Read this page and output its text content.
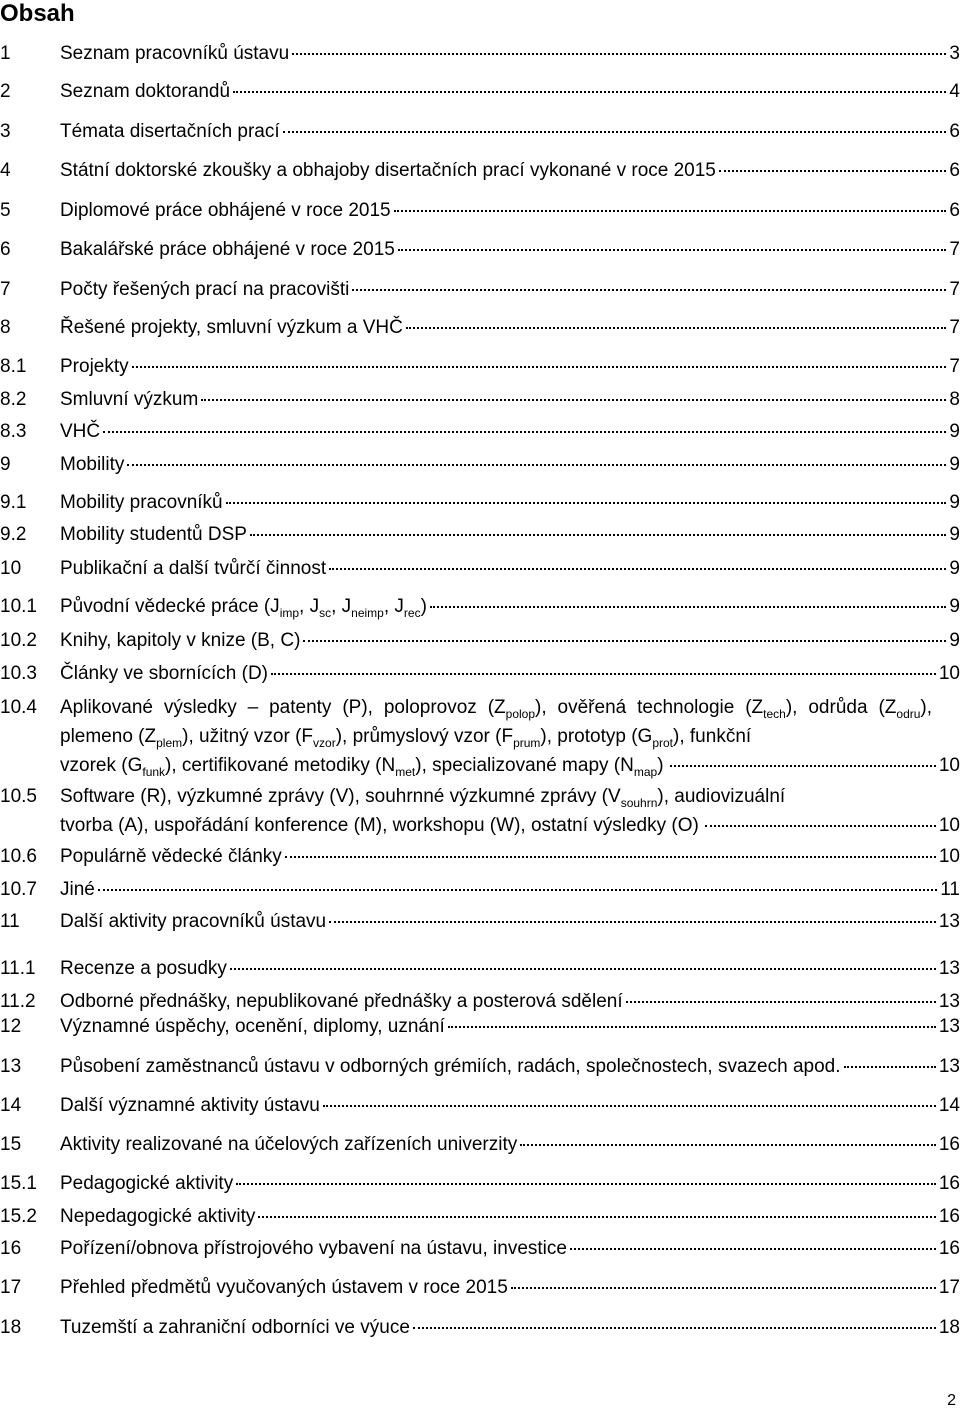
Obsah
1	Seznam pracovníků ústavu	3
2	Seznam doktorandů	4
3	Témata disertačních prací	6
4	Státní doktorské zkoušky a obhajoby disertačních prací vykonané v roce 2015	6
5	Diplomové práce obhájené v roce 2015	6
6	Bakalářské práce obhájené v roce 2015	7
7	Počty řešených prací na pracovišti	7
8	Řešené projekty, smluvní výzkum a VHČ	7
8.1	Projekty	7
8.2	Smluvní výzkum	8
8.3	VHČ	9
9	Mobility	9
9.1	Mobility pracovníků	9
9.2	Mobility studentů DSP	9
10	Publikační a další tvůrčí činnost	9
10.1	Původní vědecké práce ($J_{imp}$, $J_{sc}$, $J_{neimp}$, $J_{rec}$)	9
10.2	Knihy, kapitoly v knize (B, C)	9
10.3	Články ve sbornících (D)	10
10.4	Aplikované výsledky – patenty (P), poloprovoz $(Z_{polop})$, ověřená technologie $(Z_{tech})$, odrůda $(Z_{odru})$, plemeno $(Z_{plem})$, užitný vzor $(F_{vzor})$, průmyslový vzor $(F_{prum})$, prototyp $(G_{prot})$, funkční
vzorek $(G_{funk})$, certifikované metodiky $(N_{met})$, specializované mapy $(N_{map})$	10
10.5	Software (R), výzkumné zprávy (V), souhrnné výzkumné zprávy $(V_{souhrn})$, audiovizuální
tvorba (A), uspořádání konference (M), workshopu (W), ostatní výsledky (O)	10
10.6	Populárně vědecké články	10
10.7	Jiné	11
11	Další aktivity pracovníků ústavu	13
11.1	Recenze a posudky	13
11.2	Odborné přednášky, nepublikované přednášky a posterová sdělení	13
12	Významné úspěchy, ocenění, diplomy, uznání	13
13	Působení zaměstnanců ústavu v odborných grémiích, radách, společnostech, svazech apod.	13
14	Další významné aktivity ústavu	14
15	Aktivity realizované na účelových zařízeních univerzity	16
15.1	Pedagogické aktivity	16
15.2	Nepedagogické aktivity	16
16	Pořízení/obnova přístrojového vybavení na ústavu, investice	16
17	Přehled předmětů vyučovaných ústavem v roce 2015	17
18	Tuzemští a zahraniční odborníci ve výuce	18
2
